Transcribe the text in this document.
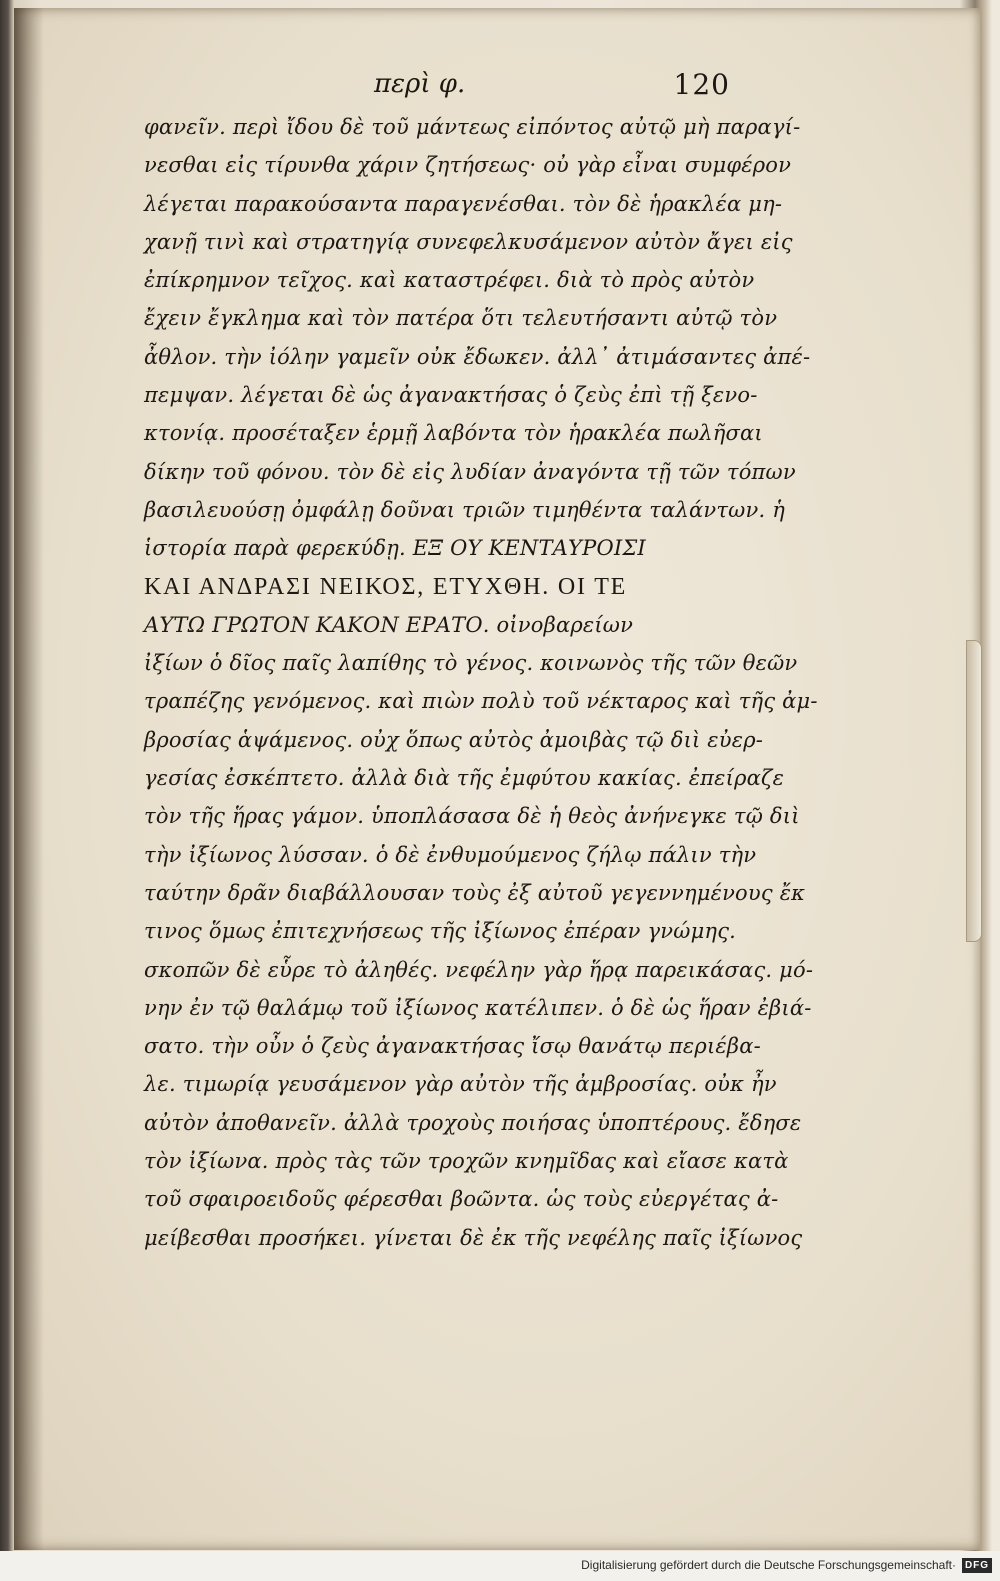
περὶ φ.	120
φανεῖν. περὶ ἴδου δὲ τοῦ μάντεως εἰπόντος αὐτῷ μὴ παραγί-
νεσθαι εἰς τίρυνθα χάριν ζητήσεως· οὐ γὰρ εἶναι συμφέρον
λέγεται παρακούσαντα παραγενέσθαι. τὸν δὲ ἡρακλέα μη-
χανῇ τινὶ καὶ στρατηγίᾳ συνεφελκυσάμενον αὐτὸν ἄγει εἰς
ἐπίκρημνον τεῖχος. καὶ καταστρέφει. διὰ τὸ πρὸς αὐτὸν
ἔχειν ἔγκλημα καὶ τὸν πατέρα ὅτι τελευτήσαντι αὐτῷ τὸν
ἆθλον. τὴν ἰόλην γαμεῖν οὐκ ἔδωκεν. ἀλλ᾿ ἀτιμάσαντες ἀπέ-
πεμψαν. λέγεται δὲ ὡς ἀγανακτήσας ὁ ζεὺς ἐπὶ τῇ ξενο-
κτονίᾳ. προσέταξεν ἑρμῇ λαβόντα τὸν ἡρακλέα πωλῆσαι
δίκην τοῦ φόνου. τὸν δὲ εἰς λυδίαν ἀναγόντα τῇ τῶν τόπων
βασιλευούσῃ ὀμφάλῃ δοῦναι τριῶν τιμηθέντα ταλάντων. ἡ
ἱστορία παρὰ φερεκύδῃ. ΕΞ ΟΥ ΚΕΝΤΑΥΡΟΙΣΙ
ΚΑΙ ΑΝΔΡΑΣΙ ΝΕΙΚΟΣ, ΕΤΥΧΘΗ. ΟΙ ΤΕ
ΑΥΤΩ ΓΡΩΤΟΝ ΚΑΚΟΝ ΕΡΑΤΟ. οἰνοβαρείων
ἰξίων ὁ δῖος παῖς λαπίθης τὸ γένος. κοινωνὸς τῆς τῶν θεῶν
τραπέζης γενόμενος. καὶ πιὼν πολὺ τοῦ νέκταρος καὶ τῆς ἀμ-
βροσίας ἁψάμενος. οὐχ ὅπως αὐτὸς ἀμοιβὰς τῷ διὶ εὐερ-
γεσίας ἐσκέπτετο. ἀλλὰ διὰ τῆς ἐμφύτου κακίας. ἐπείραζε
τὸν τῆς ἥρας γάμον. ὑποπλάσασα δὲ ἡ θεὸς ἀνήνεγκε τῷ διὶ
τὴν ἰξίωνος λύσσαν. ὁ δὲ ἐνθυμούμενος ζήλῳ πάλιν τὴν
ταύτην δρᾶν διαβάλλουσαν τοὺς ἐξ αὐτοῦ γεγεννημένους ἔκ
τινος ὅμως ἐπιτεχνήσεως τῆς ἰξίωνος ἐπέραν γνώμης.
σκοπῶν δὲ εὗρε τὸ ἀληθές. νεφέλην γὰρ ἥρᾳ παρεικάσας. μό-
νην ἐν τῷ θαλάμῳ τοῦ ἰξίωνος κατέλιπεν. ὁ δὲ ὡς ἥραν ἐβιά-
σατο. τὴν οὖν ὁ ζεὺς ἀγανακτήσας ἴσῳ θανάτῳ περιέβα-
λε. τιμωρίᾳ γευσάμενον γὰρ αὐτὸν τῆς ἀμβροσίας. οὐκ ἦν
αὐτὸν ἀποθανεῖν. ἀλλὰ τροχοὺς ποιήσας ὑποπτέρους. ἔδησε
τὸν ἰξίωνα. πρὸς τὰς τῶν τροχῶν κνημῖδας καὶ εἴασε κατὰ
τοῦ σφαιροειδοῦς φέρεσθαι βοῶντα. ὡς τοὺς εὐεργέτας ἀ-
μείβεσθαι προσήκει. γίνεται δὲ ἐκ τῆς νεφέλης παῖς ἰξίωνος
Digitalisierung gefördert durch die Deutsche Forschungsgemeinschaft· DFG
